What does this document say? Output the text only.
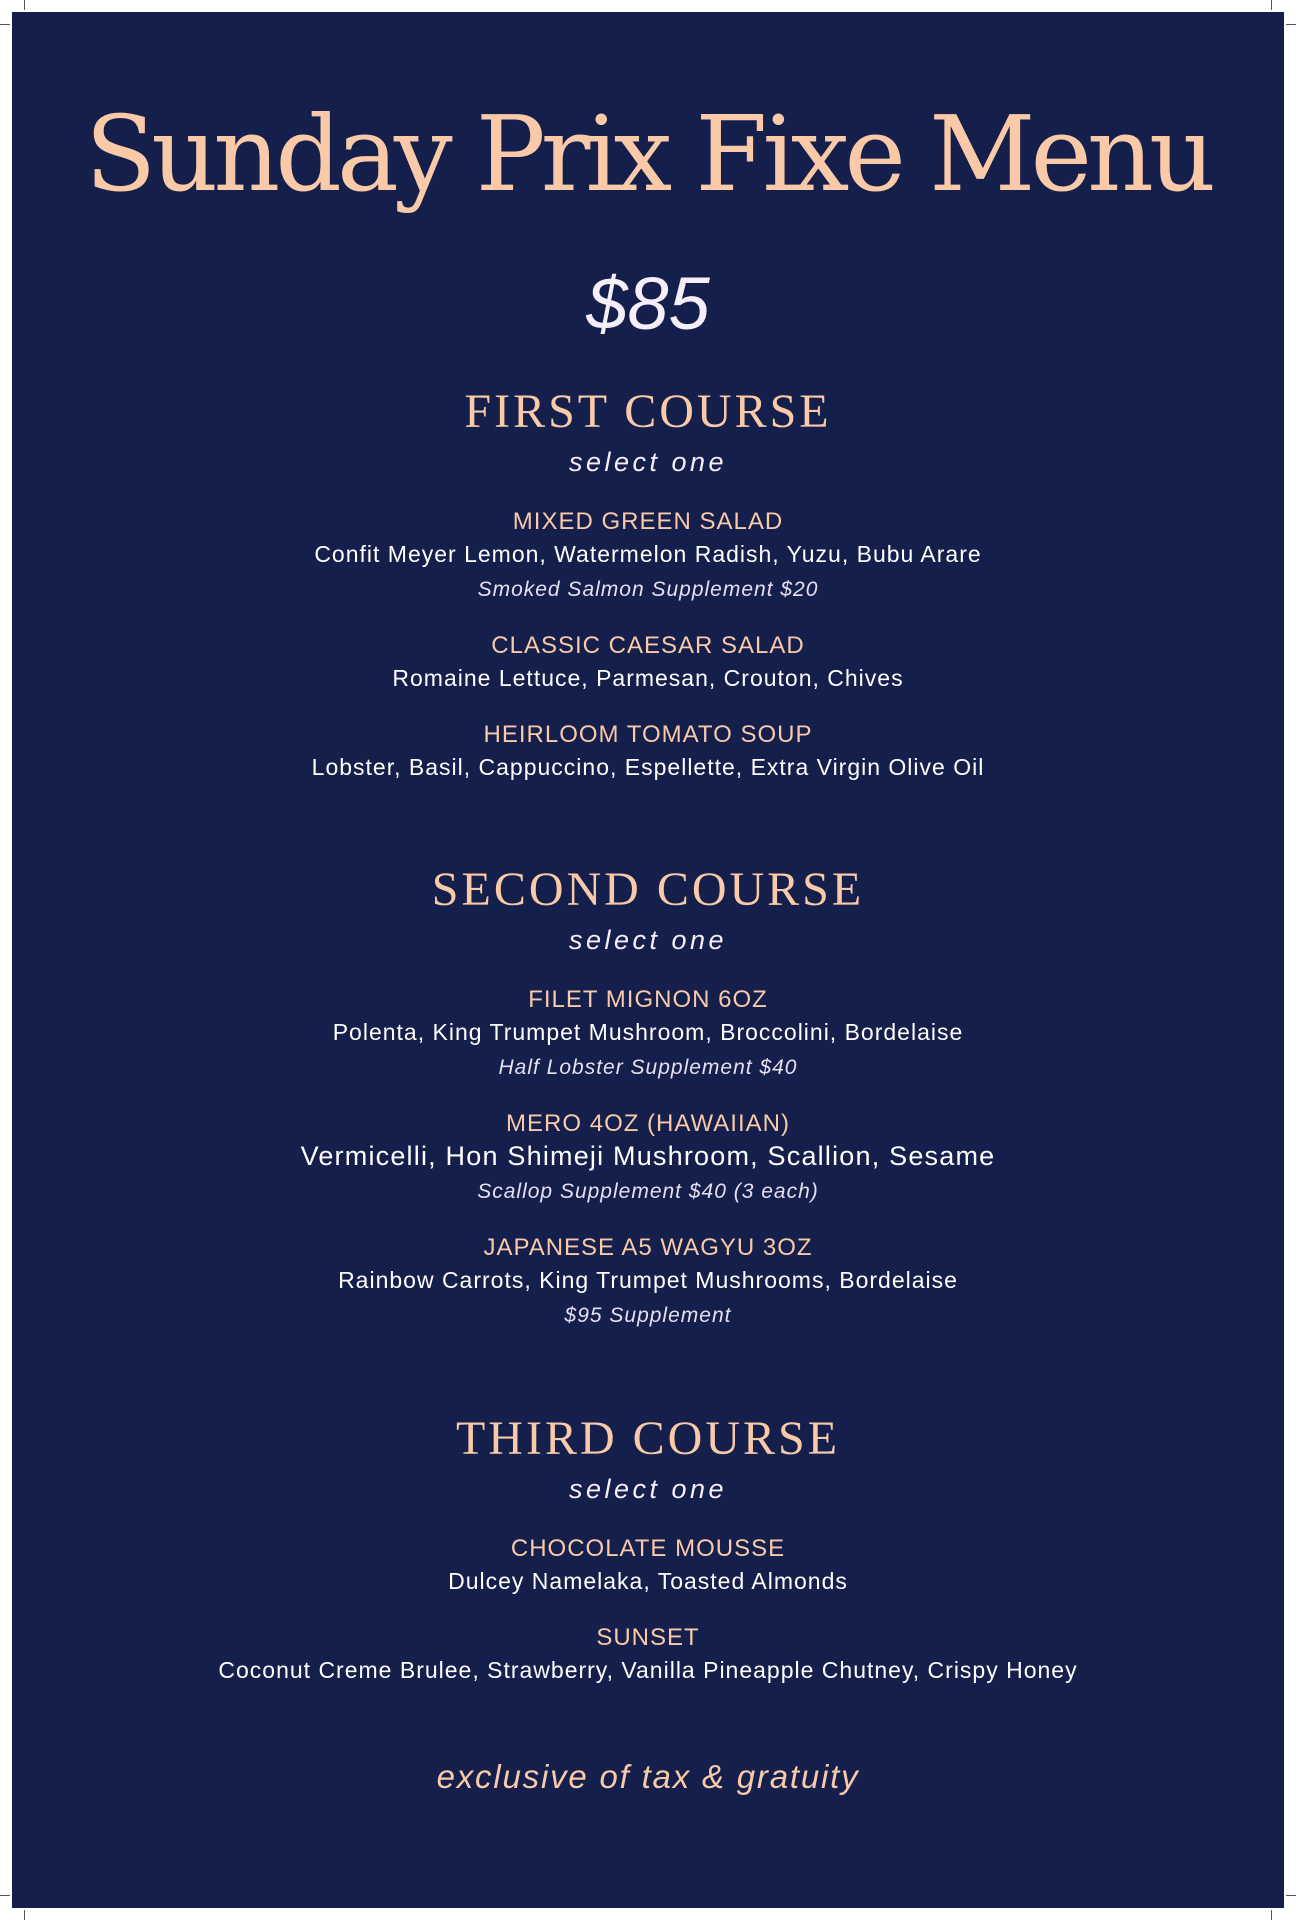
Sunday Prix Fixe Menu
$85
FIRST COURSE
select one
MIXED GREEN SALAD
Confit Meyer Lemon, Watermelon Radish, Yuzu, Bubu Arare
Smoked Salmon Supplement $20
CLASSIC CAESAR SALAD
Romaine Lettuce, Parmesan, Crouton, Chives
HEIRLOOM TOMATO SOUP
Lobster, Basil, Cappuccino, Espellette, Extra Virgin Olive Oil
SECOND COURSE
select one
FILET MIGNON 6OZ
Polenta, King Trumpet Mushroom, Broccolini, Bordelaise
Half Lobster Supplement $40
MERO 4OZ (HAWAIIAN)
Vermicelli, Hon Shimeji Mushroom, Scallion, Sesame
Scallop Supplement $40 (3 each)
JAPANESE A5 WAGYU 3OZ
Rainbow Carrots, King Trumpet Mushrooms, Bordelaise
$95 Supplement
THIRD COURSE
select one
CHOCOLATE MOUSSE
Dulcey Namelaka, Toasted Almonds
SUNSET
Coconut Creme Brulee, Strawberry, Vanilla Pineapple Chutney, Crispy Honey
exclusive of tax & gratuity
